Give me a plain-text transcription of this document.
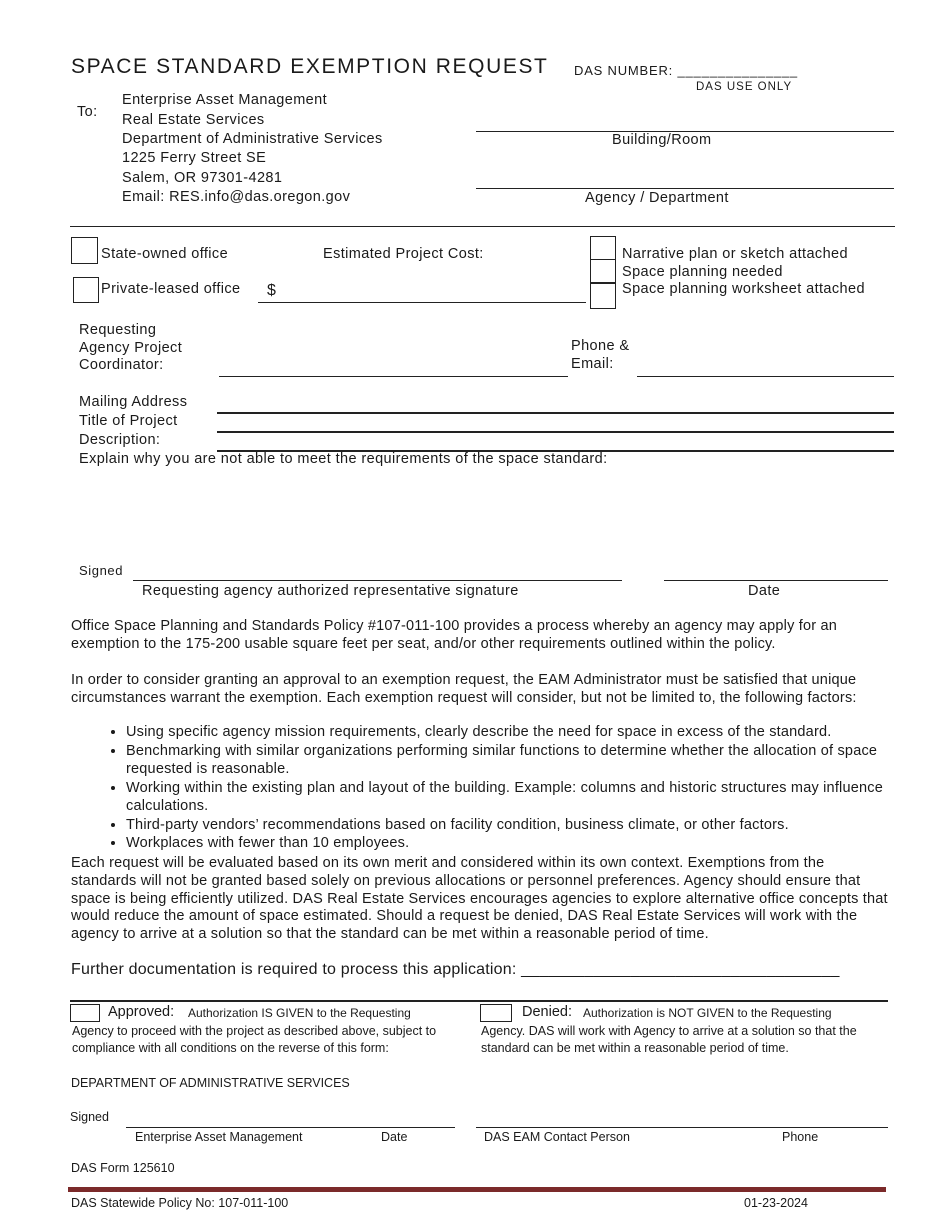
SPACE STANDARD EXEMPTION REQUEST DAS NUMBER: _______________
DAS USE ONLY
To:
Enterprise Asset Management
Real Estate Services
Department of Administrative Services
1225 Ferry Street SE
Salem, OR 97301-4281
Email: RES.info@das.oregon.gov
Building/Room
Agency / Department
State-owned office
Private-leased office
Estimated Project Cost:
$
Narrative plan or sketch attached
Space planning needed
Space planning worksheet attached
Requesting
Agency Project
Coordinator:
Phone &
Email:
Mailing Address
Title of Project
Description:
Explain why you are not able to meet the requirements of the space standard:
Signed
Requesting agency authorized representative signature	Date
Office Space Planning and Standards Policy #107-011-100 provides a process whereby an agency may apply for an exemption to the 175-200 usable square feet per seat, and/or other requirements outlined within the policy.
In order to consider granting an approval to an exemption request, the EAM Administrator must be satisfied that unique circumstances warrant the exemption. Each exemption request will consider, but not be limited to, the following factors:
• Using specific agency mission requirements, clearly describe the need for space in excess of the standard.
• Benchmarking with similar organizations performing similar functions to determine whether the allocation of space requested is reasonable.
• Working within the existing plan and layout of the building. Example: columns and historic structures may influence calculations.
• Third-party vendors’ recommendations based on facility condition, business climate, or other factors.
• Workplaces with fewer than 10 employees.
Each request will be evaluated based on its own merit and considered within its own context. Exemptions from the standards will not be granted based solely on previous allocations or personnel preferences. Agency should ensure that space is being efficiently utilized. DAS Real Estate Services encourages agencies to explore alternative office concepts that would reduce the amount of space estimated. Should a request be denied, DAS Real Estate Services will work with the agency to arrive at a solution so that the standard can be met within a reasonable period of time.
Further documentation is required to process this application: ___________________________________
Approved: Authorization IS GIVEN to the Requesting
Agency to proceed with the project as described above, subject to compliance with all conditions on the reverse of this form:
Denied: Authorization is NOT GIVEN to the Requesting
Agency. DAS will work with Agency to arrive at a solution so that the standard can be met within a reasonable period of time.
DEPARTMENT OF ADMINISTRATIVE SERVICES
Signed
Enterprise Asset Management	Date	DAS EAM Contact Person	Phone
DAS Form 125610
DAS Statewide Policy No: 107-011-100	01-23-2024
